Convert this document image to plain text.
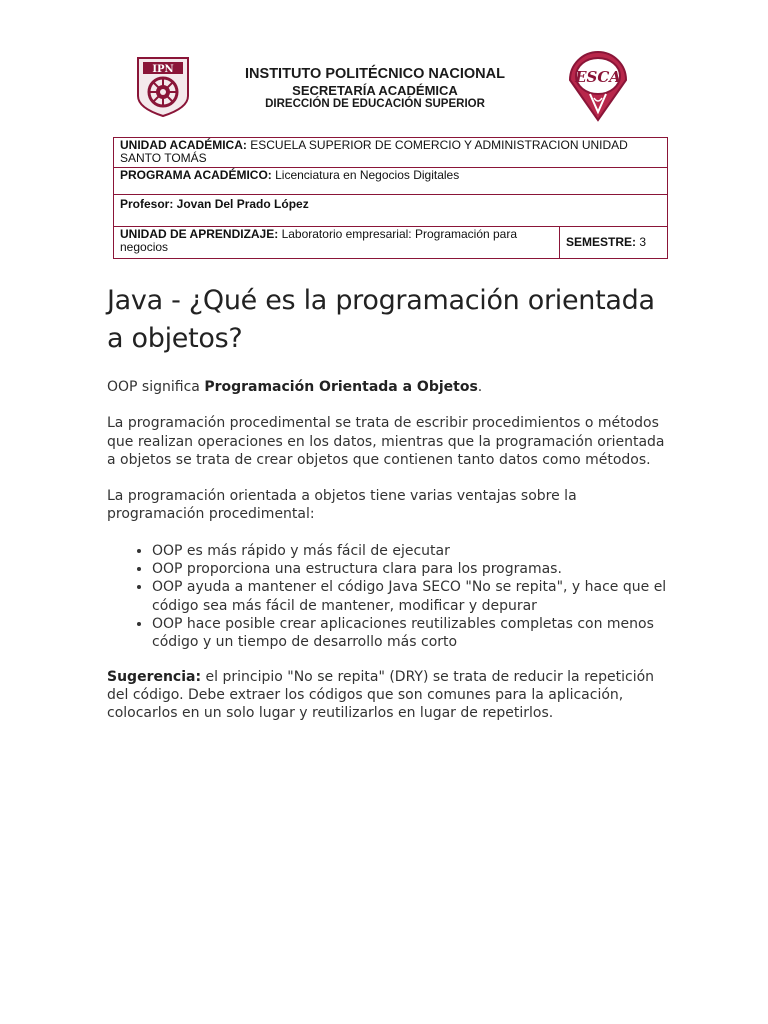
IPN	INSTITUTO POLITÉCNICO NACIONAL
SECRETARÍA ACADÉMICA
DIRECCIÓN DE EDUCACIÓN SUPERIOR
ESCA
UNIDAD ACADÉMICA: ESCUELA SUPERIOR DE COMERCIO Y ADMINISTRACION UNIDAD SANTO TOMÁS
PROGRAMA ACADÉMICO: Licenciatura en Negocios Digitales
Profesor: Jovan Del Prado López
UNIDAD DE APRENDIZAJE: Laboratorio empresarial: Programación para negocios	SEMESTRE: 3
Java - ¿Qué es la programación orientada a objetos?

OOP significa Programación Orientada a Objetos.

La programación procedimental se trata de escribir procedimientos o métodos que realizan operaciones en los datos, mientras que la programación orientada a objetos se trata de crear objetos que contienen tanto datos como métodos.

La programación orientada a objetos tiene varias ventajas sobre la programación procedimental:

• OOP es más rápido y más fácil de ejecutar
• OOP proporciona una estructura clara para los programas.
• OOP ayuda a mantener el código Java SECO "No se repita", y hace que el código sea más fácil de mantener, modificar y depurar
• OOP hace posible crear aplicaciones reutilizables completas con menos código y un tiempo de desarrollo más corto

Sugerencia: el principio "No se repita" (DRY) se trata de reducir la repetición del código. Debe extraer los códigos que son comunes para la aplicación, colocarlos en un solo lugar y reutilizarlos en lugar de repetirlos.
